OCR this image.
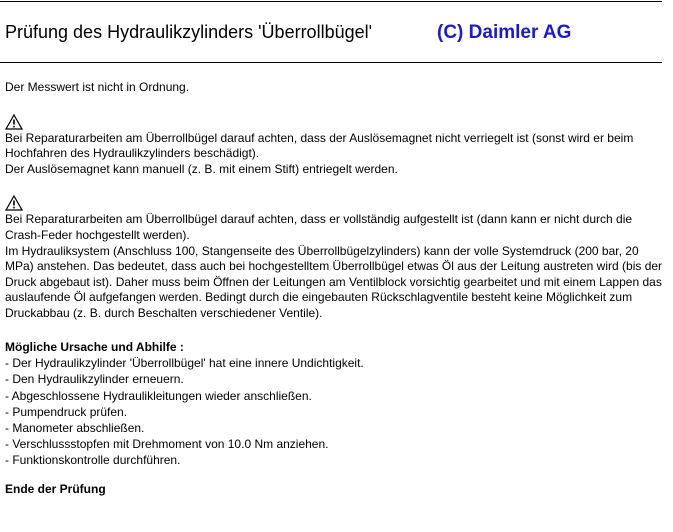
Prüfung des Hydraulikzylinders 'Überrollbügel'	(C) Daimler AG

Der Messwert ist nicht in Ordnung.

Bei Reparaturarbeiten am Überrollbügel darauf achten, dass der Auslösemagnet nicht verriegelt ist (sonst wird er beim Hochfahren des Hydraulikzylinders beschädigt).

Der Auslösemagnet kann manuell (z. B. mit einem Stift) entriegelt werden.

Bei Reparaturarbeiten am Überrollbügel darauf achten, dass er vollständig aufgestellt ist (dann kann er nicht durch die Crash-Feder hochgestellt werden).

Im Hydrauliksystem (Anschluss 100, Stangenseite des Überrollbügelzylinders) kann der volle Systemdruck (200 bar, 20 MPa) anstehen. Das bedeutet, dass auch bei hochgestelltem Überrollbügel etwas Öl aus der Leitung austreten wird (bis der Druck abgebaut ist). Daher muss beim Öffnen der Leitungen am Ventilblock vorsichtig gearbeitet und mit einem Lappen das auslaufende Öl aufgefangen werden. Bedingt durch die eingebauten Rückschlagventile besteht keine Möglichkeit zum Druckabbau (z. B. durch Beschalten verschiedener Ventile).

Mögliche Ursache und Abhilfe :

- Der Hydraulikzylinder 'Überrollbügel' hat eine innere Undichtigkeit.
- Den Hydraulikzylinder erneuern.
- Abgeschlossene Hydraulikleitungen wieder anschließen.
- Pumpendruck prüfen.
- Manometer abschließen.
- Verschlussstopfen mit Drehmoment von 10.0 Nm anziehen.
- Funktionskontrolle durchführen.

Ende der Prüfung
